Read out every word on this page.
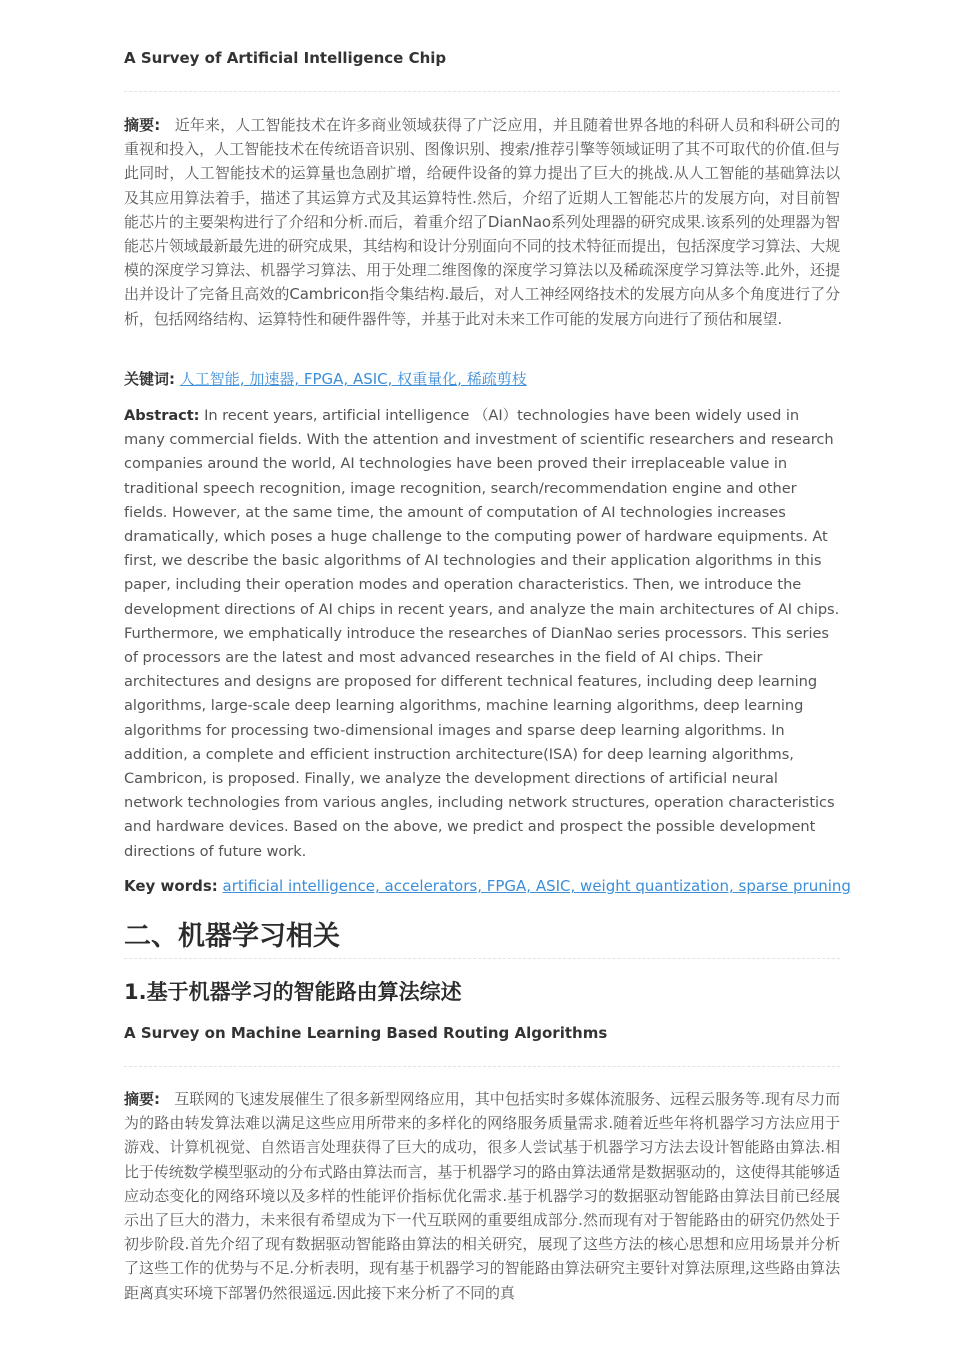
A Survey of Artificial Intelligence Chip

摘要: 近年来，人工智能技术在许多商业领域获得了广泛应用，并且随着世界各地的科研人员和科研公司的重视和投入，人工智能技术在传统语音识别、图像识别、搜索/推荐引擎等领域证明了其不可取代的价值.但与此同时，人工智能技术的运算量也急剧扩增，给硬件设备的算力提出了巨大的挑战.从人工智能的基础算法以及其应用算法着手，描述了其运算方式及其运算特性.然后，介绍了近期人工智能芯片的发展方向，对目前智能芯片的主要架构进行了介绍和分析.而后，着重介绍了DianNao系列处理器的研究成果.该系列的处理器为智能芯片领域最新最先进的研究成果，其结构和设计分别面向不同的技术特征而提出，包括深度学习算法、大规模的深度学习算法、机器学习算法、用于处理二维图像的深度学习算法以及稀疏深度学习算法等.此外，还提出并设计了完备且高效的Cambricon指令集结构.最后，对人工神经网络技术的发展方向从多个角度进行了分析，包括网络结构、运算特性和硬件器件等，并基于此对未来工作可能的发展方向进行了预估和展望.

关键词: 人工智能, 加速器, FPGA, ASIC, 权重量化, 稀疏剪枝

Abstract: In recent years, artificial intelligence （AI）technologies have been widely used in many commercial fields. With the attention and investment of scientific researchers and research companies around the world, AI technologies have been proved their irreplaceable value in traditional speech recognition, image recognition, search/recommendation engine and other fields. However, at the same time, the amount of computation of AI technologies increases dramatically, which poses a huge challenge to the computing power of hardware equipments. At first, we describe the basic algorithms of AI technologies and their application algorithms in this paper, including their operation modes and operation characteristics. Then, we introduce the development directions of AI chips in recent years, and analyze the main architectures of AI chips. Furthermore, we emphatically introduce the researches of DianNao series processors. This series of processors are the latest and most advanced researches in the field of AI chips. Their architectures and designs are proposed for different technical features, including deep learning algorithms, large-scale deep learning algorithms, machine learning algorithms, deep learning algorithms for processing two-dimensional images and sparse deep learning algorithms. In addition, a complete and efficient instruction architecture(ISA) for deep learning algorithms, Cambricon, is proposed. Finally, we analyze the development directions of artificial neural network technologies from various angles, including network structures, operation characteristics and hardware devices. Based on the above, we predict and prospect the possible development directions of future work.

Key words: artificial intelligence, accelerators, FPGA, ASIC, weight quantization, sparse pruning

二、机器学习相关
1.基于机器学习的智能路由算法综述
A Survey on Machine Learning Based Routing Algorithms

摘要: 互联网的飞速发展催生了很多新型网络应用，其中包括实时多媒体流服务、远程云服务等.现有尽力而为的路由转发算法难以满足这些应用所带来的多样化的网络服务质量需求.随着近些年将机器学习方法应用于游戏、计算机视觉、自然语言处理获得了巨大的成功，很多人尝试基于机器学习方法去设计智能路由算法.相比于传统数学模型驱动的分布式路由算法而言，基于机器学习的路由算法通常是数据驱动的，这使得其能够适应动态变化的网络环境以及多样的性能评价指标优化需求.基于机器学习的数据驱动智能路由算法目前已经展示出了巨大的潜力，未来很有希望成为下一代互联网的重要组成部分.然而现有对于智能路由的研究仍然处于初步阶段.首先介绍了现有数据驱动智能路由算法的相关研究，展现了这些方法的核心思想和应用场景并分析了这些工作的优势与不足.分析表明，现有基于机器学习的智能路由算法研究主要针对算法原理,这些路由算法距离真实环境下部署仍然很遥远.因此接下来分析了不同的真
